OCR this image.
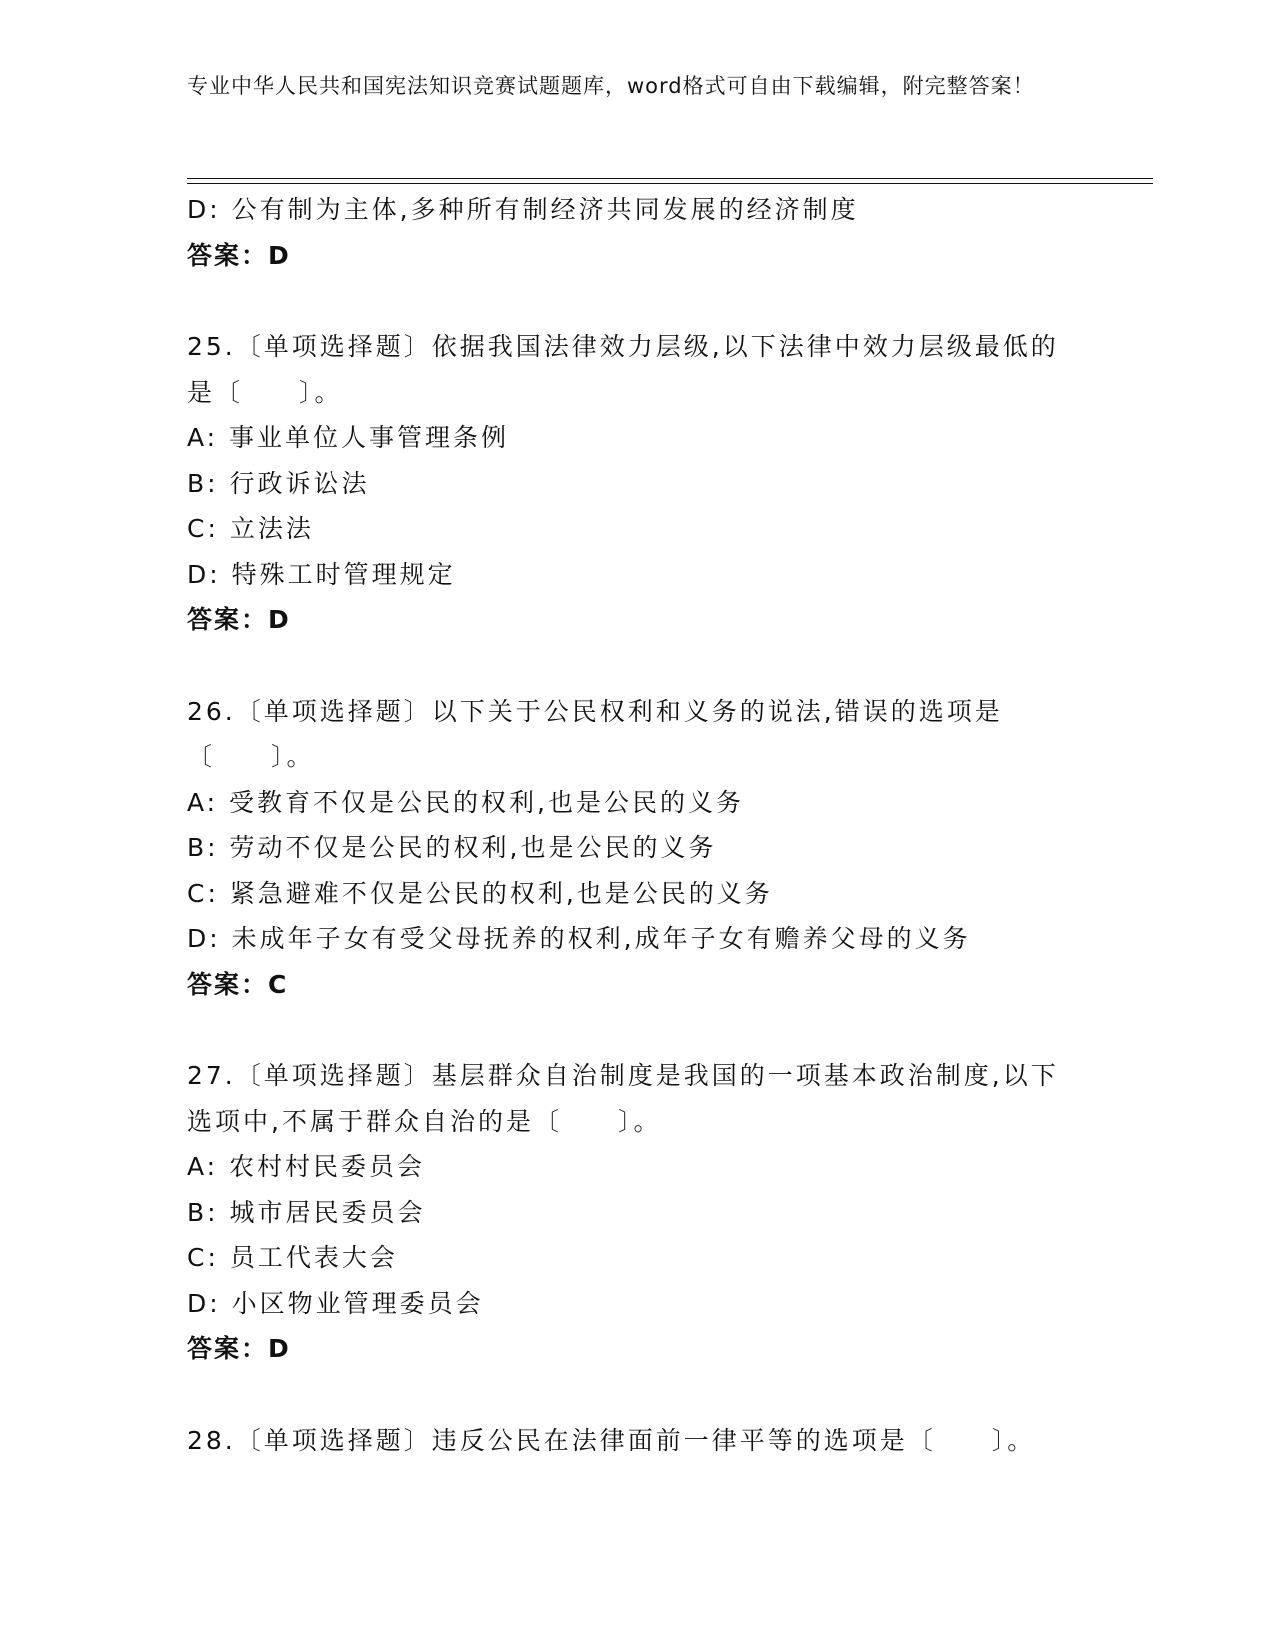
专业中华人民共和国宪法知识竞赛试题题库，word格式可自由下载编辑，附完整答案！
D: 公有制为主体,多种所有制经济共同发展的经济制度
答案：D
25.〔单项选择题〕依据我国法律效力层级,以下法律中效力层级最低的是〔　　〕。
A: 事业单位人事管理条例
B: 行政诉讼法
C: 立法法
D: 特殊工时管理规定
答案：D
26.〔单项选择题〕以下关于公民权利和义务的说法,错误的选项是〔　　〕。
A: 受教育不仅是公民的权利,也是公民的义务
B: 劳动不仅是公民的权利,也是公民的义务
C: 紧急避难不仅是公民的权利,也是公民的义务
D: 未成年子女有受父母抚养的权利,成年子女有赡养父母的义务
答案：C
27.〔单项选择题〕基层群众自治制度是我国的一项基本政治制度,以下选项中,不属于群众自治的是〔　　〕。
A: 农村村民委员会
B: 城市居民委员会
C: 员工代表大会
D: 小区物业管理委员会
答案：D
28.〔单项选择题〕违反公民在法律面前一律平等的选项是〔　　〕。
